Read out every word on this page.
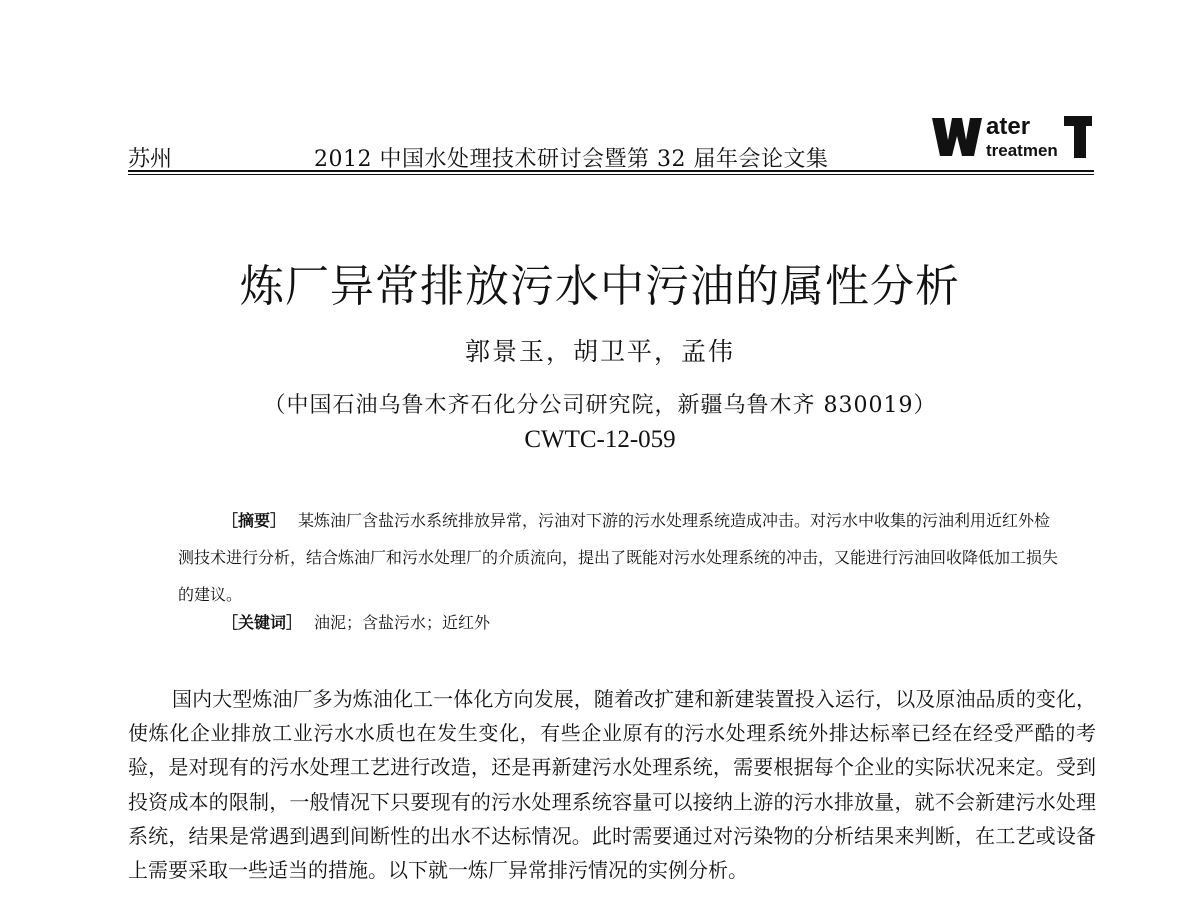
苏州	2012 中国水处理技术研讨会暨第 32 届年会论文集
ater
treatmen
炼厂异常排放污水中污油的属性分析
郭景玉，胡卫平，孟伟
（中国石油乌鲁木齐石化分公司研究院，新疆乌鲁木齐 830019）
CWTC-12-059
［摘要］ 某炼油厂含盐污水系统排放异常，污油对下游的污水处理系统造成冲击。对污水中收集的污油利用近红外检测技术进行分析，结合炼油厂和污水处理厂的介质流向，提出了既能对污水处理系统的冲击，又能进行污油回收降低加工损失的建议。
［关键词］ 油泥；含盐污水；近红外
国内大型炼油厂多为炼油化工一体化方向发展，随着改扩建和新建装置投入运行，以及原油品质的变化，使炼化企业排放工业污水水质也在发生变化，有些企业原有的污水处理系统外排达标率已经在经受严酷的考验，是对现有的污水处理工艺进行改造，还是再新建污水处理系统，需要根据每个企业的实际状况来定。受到投资成本的限制，一般情况下只要现有的污水处理系统容量可以接纳上游的污水排放量，就不会新建污水处理系统，结果是常遇到遇到间断性的出水不达标情况。此时需要通过对污染物的分析结果来判断，在工艺或设备上需要采取一些适当的措施。以下就一炼厂异常排污情况的实例分析。
